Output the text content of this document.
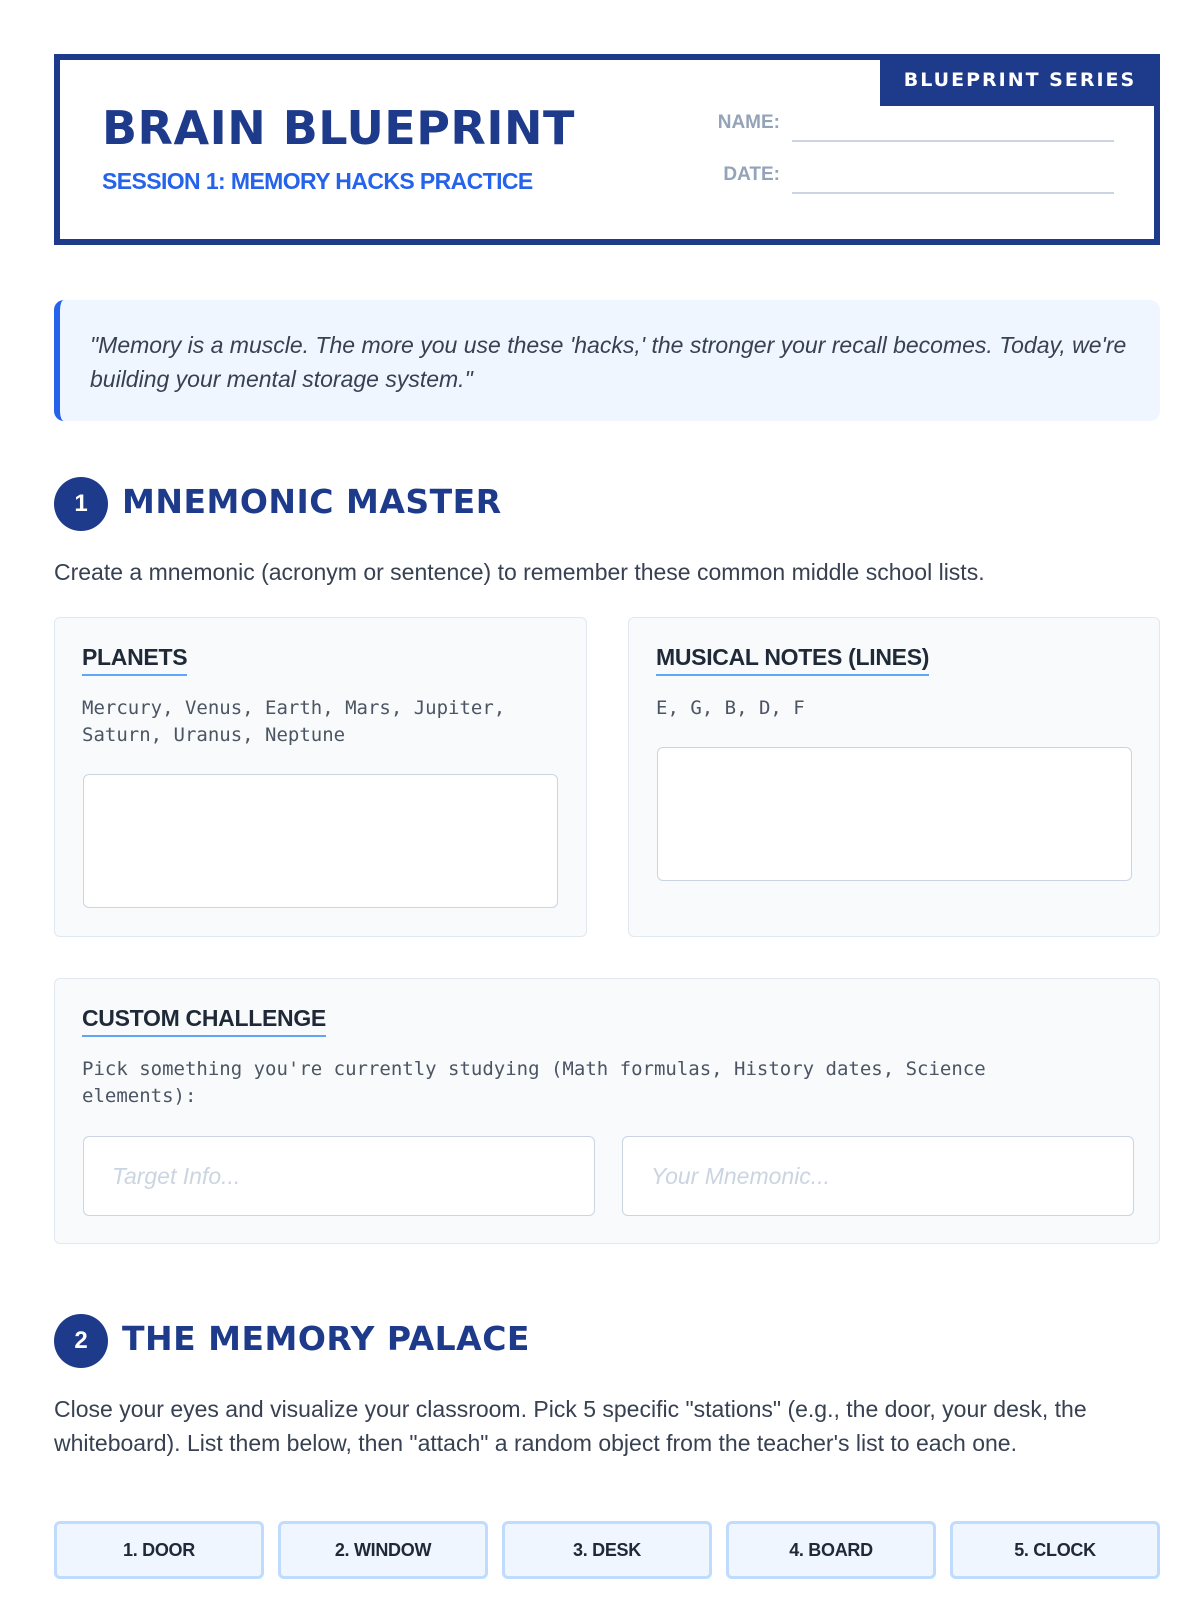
BLUEPRINT SERIES
BRAIN BLUEPRINT
SESSION 1: MEMORY HACKS PRACTICE
NAME:
DATE:
"Memory is a muscle. The more you use these 'hacks,' the stronger your recall becomes. Today, we're building your mental storage system."
1	MNEMONIC MASTER
Create a mnemonic (acronym or sentence) to remember these common middle school lists.
PLANETS
Mercury, Venus, Earth, Mars, Jupiter, Saturn, Uranus, Neptune
MUSICAL NOTES (LINES)
E, G, B, D, F
CUSTOM CHALLENGE
Pick something you're currently studying (Math formulas, History dates, Science elements):
Target Info...
Your Mnemonic...
2	THE MEMORY PALACE
Close your eyes and visualize your classroom. Pick 5 specific "stations" (e.g., the door, your desk, the whiteboard). List them below, then "attach" a random object from the teacher's list to each one.
1. DOOR	2. WINDOW	3. DESK	4. BOARD	5. CLOCK
